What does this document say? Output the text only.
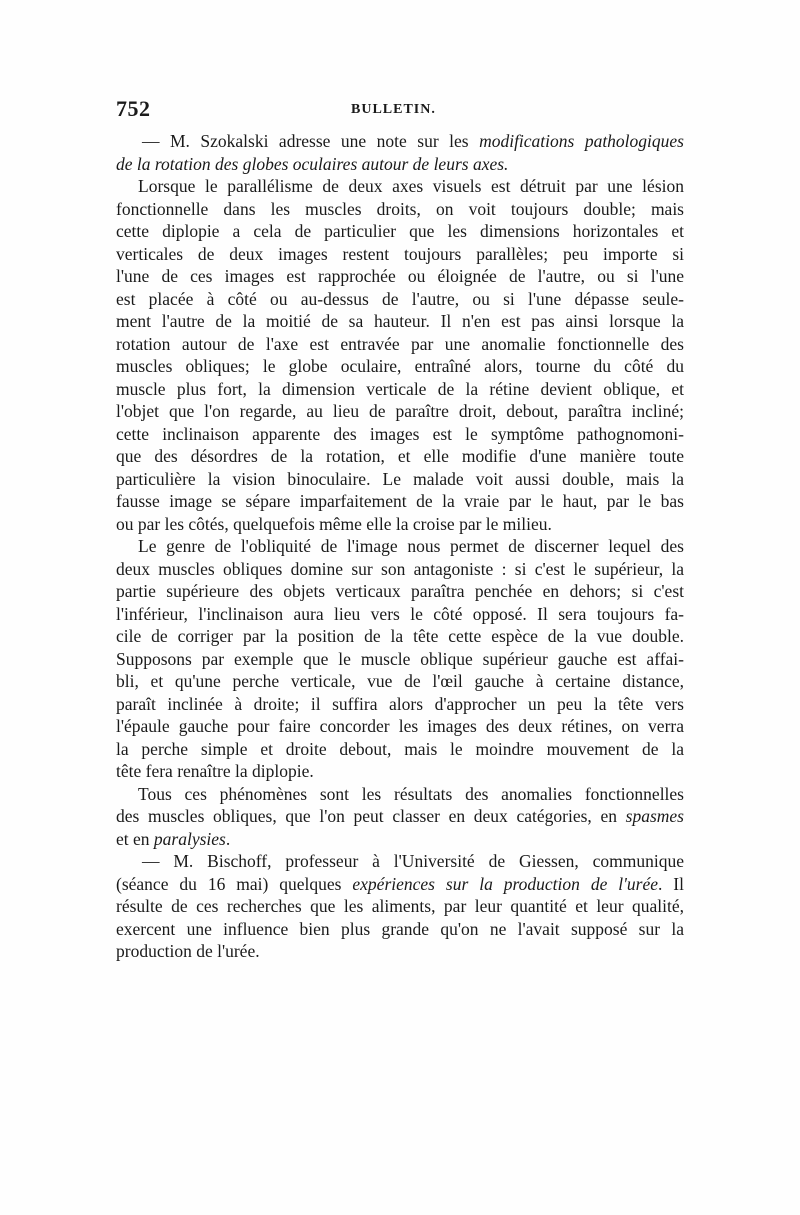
752	BULLETIN.
— M. Szokalski adresse une note sur les modifications pathologiques
de la rotation des globes oculaires autour de leurs axes.
Lorsque le parallélisme de deux axes visuels est détruit par une lésion
fonctionnelle dans les muscles droits, on voit toujours double; mais
cette diplopie a cela de particulier que les dimensions horizontales et
verticales de deux images restent toujours parallèles; peu importe si
l'une de ces images est rapprochée ou éloignée de l'autre, ou si l'une
est placée à côté ou au-dessus de l'autre, ou si l'une dépasse seule-
ment l'autre de la moitié de sa hauteur. Il n'en est pas ainsi lorsque la
rotation autour de l'axe est entravée par une anomalie fonctionnelle des
muscles obliques; le globe oculaire, entraîné alors, tourne du côté du
muscle plus fort, la dimension verticale de la rétine devient oblique, et
l'objet que l'on regarde, au lieu de paraître droit, debout, paraîtra incliné;
cette inclinaison apparente des images est le symptôme pathognomoni-
que des désordres de la rotation, et elle modifie d'une manière toute
particulière la vision binoculaire. Le malade voit aussi double, mais la
fausse image se sépare imparfaitement de la vraie par le haut, par le bas
ou par les côtés, quelquefois même elle la croise par le milieu.
Le genre de l'obliquité de l'image nous permet de discerner lequel des
deux muscles obliques domine sur son antagoniste : si c'est le supérieur, la
partie supérieure des objets verticaux paraîtra penchée en dehors; si c'est
l'inférieur, l'inclinaison aura lieu vers le côté opposé. Il sera toujours fa-
cile de corriger par la position de la tête cette espèce de la vue double.
Supposons par exemple que le muscle oblique supérieur gauche est affai-
bli, et qu'une perche verticale, vue de l'œil gauche à certaine distance,
paraît inclinée à droite; il suffira alors d'approcher un peu la tête vers
l'épaule gauche pour faire concorder les images des deux rétines, on verra
la perche simple et droite debout, mais le moindre mouvement de la
tête fera renaître la diplopie.
Tous ces phénomènes sont les résultats des anomalies fonctionnelles
des muscles obliques, que l'on peut classer en deux catégories, en spasmes
et en paralysies.
— M. Bischoff, professeur à l'Université de Giessen, communique
(séance du 16 mai) quelques expériences sur la production de l'urée. Il
résulte de ces recherches que les aliments, par leur quantité et leur qualité,
exercent une influence bien plus grande qu'on ne l'avait supposé sur la
production de l'urée.
